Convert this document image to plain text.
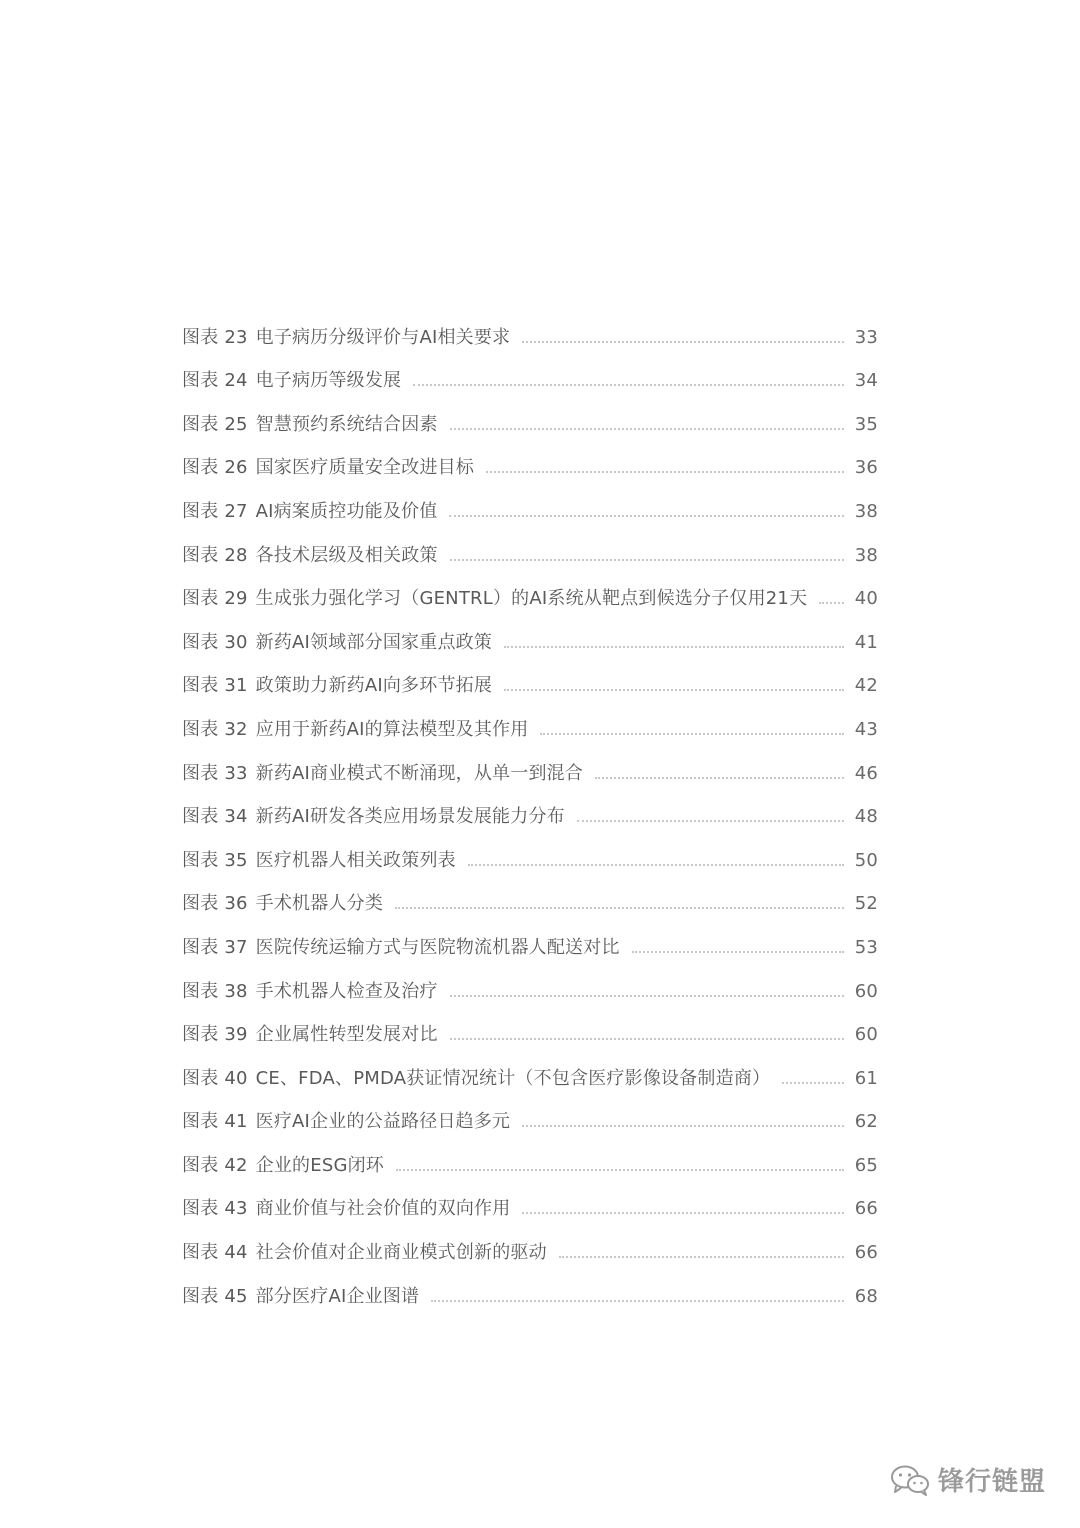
图表 23 电子病历分级评价与AI相关要求	33
图表 24 电子病历等级发展	34
图表 25 智慧预约系统结合因素	35
图表 26 国家医疗质量安全改进目标	36
图表 27 AI病案质控功能及价值	38
图表 28 各技术层级及相关政策	38
图表 29 生成张力强化学习（GENTRL）的AI系统从靶点到候选分子仅用21天	40
图表 30 新药AI领域部分国家重点政策	41
图表 31 政策助力新药AI向多环节拓展	42
图表 32 应用于新药AI的算法模型及其作用	43
图表 33 新药AI商业模式不断涌现，从单一到混合	46
图表 34 新药AI研发各类应用场景发展能力分布	48
图表 35 医疗机器人相关政策列表	50
图表 36 手术机器人分类	52
图表 37 医院传统运输方式与医院物流机器人配送对比	53
图表 38 手术机器人检查及治疗	60
图表 39 企业属性转型发展对比	60
图表 40 CE、FDA、PMDA获证情况统计（不包含医疗影像设备制造商）	61
图表 41 医疗AI企业的公益路径日趋多元	62
图表 42 企业的ESG闭环	65
图表 43 商业价值与社会价值的双向作用	66
图表 44 社会价值对企业商业模式创新的驱动	66
图表 45 部分医疗AI企业图谱	68
锋行链盟
